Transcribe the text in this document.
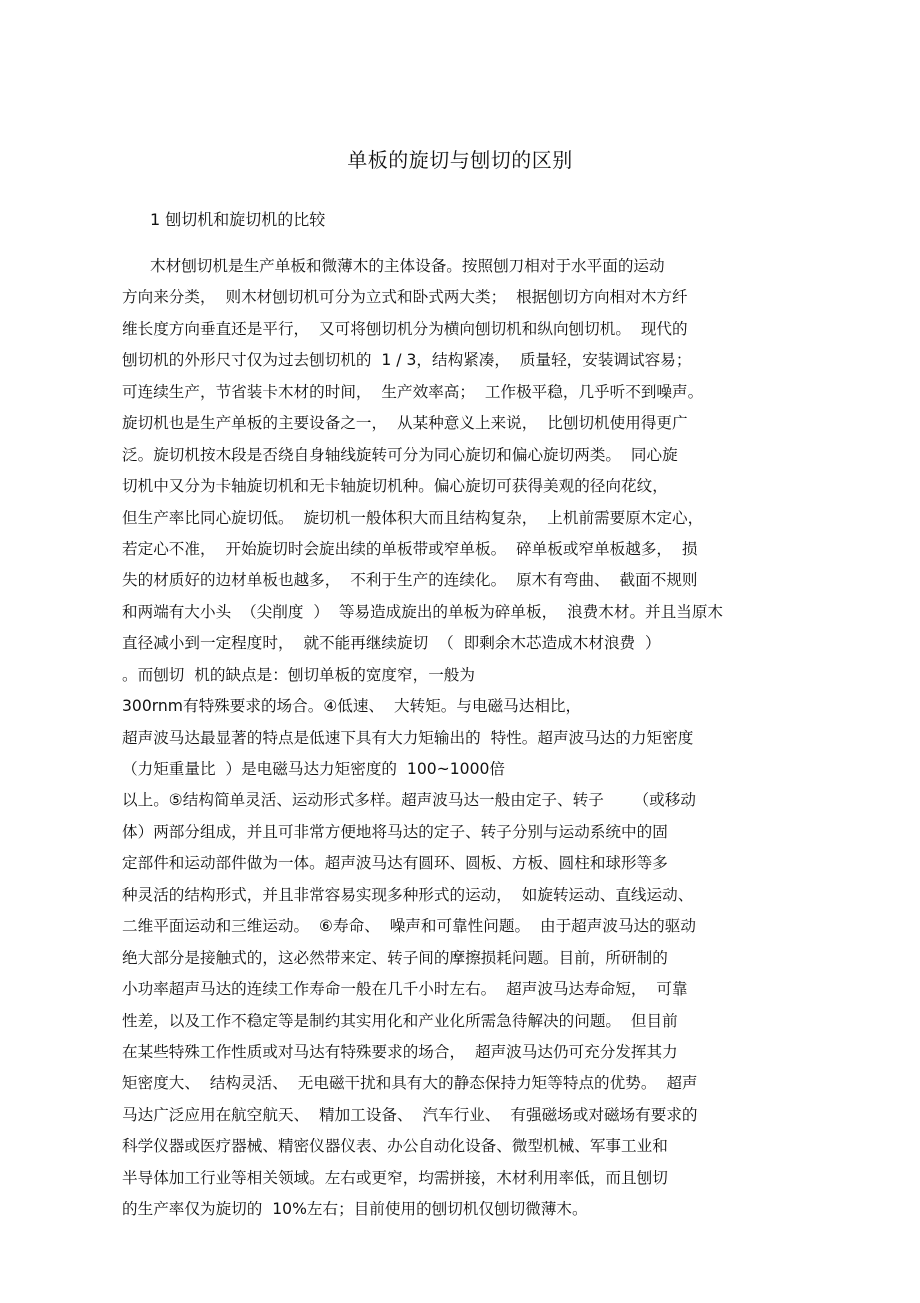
单板的旋切与刨切的区别
1 刨切机和旋切机的比较
木材刨切机是生产单板和微薄木的主体设备。按照刨刀相对于水平面的运动
方向来分类，  则木材刨切机可分为立式和卧式两大类；  根据刨切方向相对木方纤
维长度方向垂直还是平行，  又可将刨切机分为横向刨切机和纵向刨切机。  现代的
刨切机的外形尺寸仅为过去刨切机的  1 / 3，结构紧凑，  质量轻，安装调试容易；
可连续生产，节省装卡木材的时间，  生产效率高；  工作极平稳，几乎听不到噪声。
旋切机也是生产单板的主要设备之一，  从某种意义上来说，  比刨切机使用得更广
泛。旋切机按木段是否绕自身轴线旋转可分为同心旋切和偏心旋切两类。  同心旋
切机中又分为卡轴旋切机和无卡轴旋切机种。偏心旋切可获得美观的径向花纹，
但生产率比同心旋切低。  旋切机一般体积大而且结构复杂，  上机前需要原木定心，
若定心不准，  开始旋切时会旋出续的单板带或窄单板。  碎单板或窄单板越多，  损
失的材质好的边材单板也越多，  不利于生产的连续化。  原木有弯曲、  截面不规则
和两端有大小头  （尖削度  ）  等易造成旋出的单板为碎单板，  浪费木材。并且当原木
直径减小到一定程度时，  就不能再继续旋切  （  即剩余木芯造成木材浪费  ）
。而刨切  机的缺点是：刨切单板的宽度窄，一般为
300rnm有特殊要求的场合。④低速、  大转矩。与电磁马达相比，
超声波马达最显著的特点是低速下具有大力矩输出的  特性。超声波马达的力矩密度
（力矩重量比  ）是电磁马达力矩密度的  100~1000倍
以上。⑤结构简单灵活、运动形式多样。超声波马达一般由定子、转子      （或移动
体）两部分组成，并且可非常方便地将马达的定子、转子分别与运动系统中的固
定部件和运动部件做为一体。超声波马达有圆环、圆板、方板、圆柱和球形等多
种灵活的结构形式，并且非常容易实现多种形式的运动，  如旋转运动、直线运动、
二维平面运动和三维运动。  ⑥寿命、  噪声和可靠性问题。  由于超声波马达的驱动
绝大部分是接触式的，这必然带来定、转子间的摩擦损耗问题。目前，所研制的
小功率超声马达的连续工作寿命一般在几千小时左右。  超声波马达寿命短，  可靠
性差，以及工作不稳定等是制约其实用化和产业化所需急待解决的问题。  但目前
在某些特殊工作性质或对马达有特殊要求的场合，  超声波马达仍可充分发挥其力
矩密度大、  结构灵活、  无电磁干扰和具有大的静态保持力矩等特点的优势。  超声
马达广泛应用在航空航天、  精加工设备、  汽车行业、  有强磁场或对磁场有要求的
科学仪器或医疗器械、精密仪器仪表、办公自动化设备、微型机械、军事工业和
半导体加工行业等相关领域。左右或更窄，均需拼接，木材利用率低，而且刨切
的生产率仅为旋切的  10%左右；目前使用的刨切机仅刨切微薄木。
